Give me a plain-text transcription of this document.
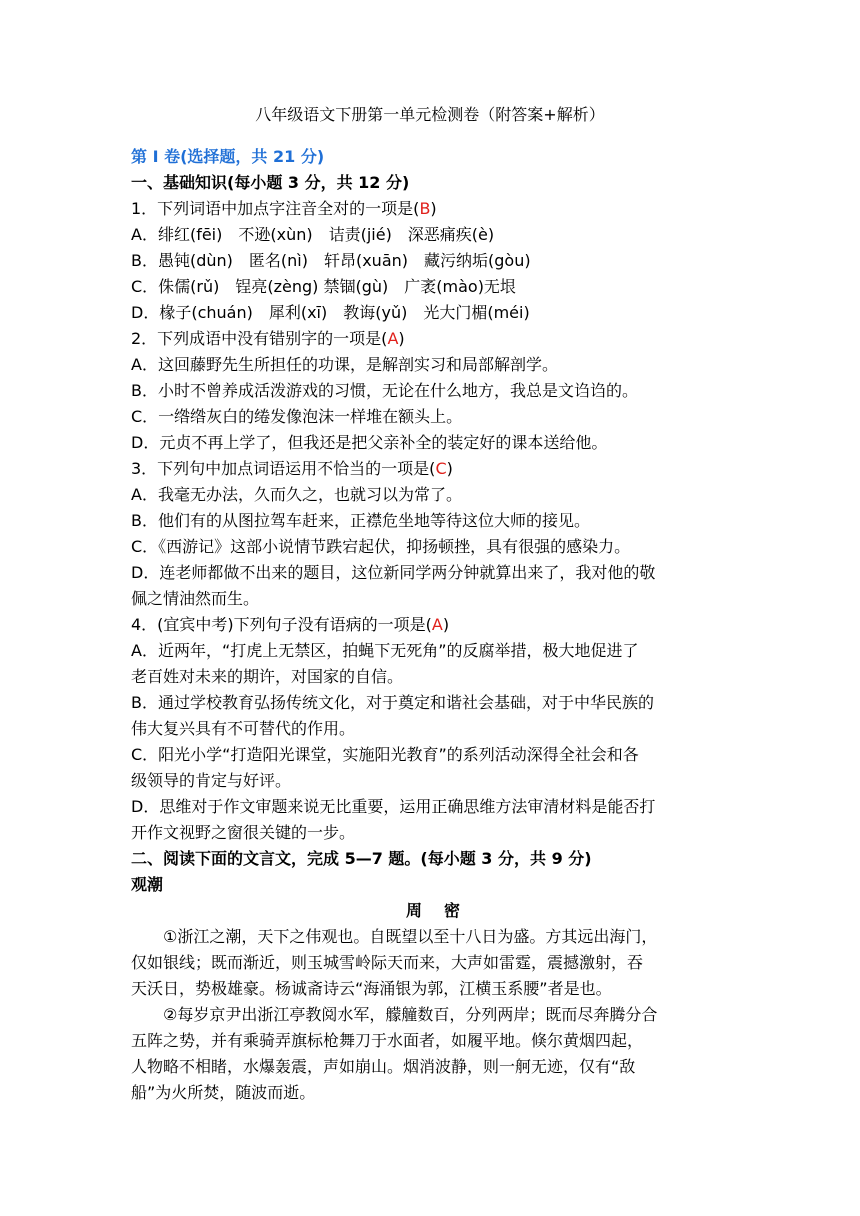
八年级语文下册第一单元检测卷（附答案+解析）
第 I 卷(选择题，共 21 分)
一、基础知识(每小题 3 分，共 12 分)
1．下列词语中加点字注音全对的一项是(B)
A．绯红(fēi)　不逊(xùn)　诘责(jié)　深恶痛疾(è)
B．愚钝(dùn)　匿名(nì)　轩昂(xuān)　藏污纳垢(gòu)
C．侏儒(rǔ)　锃亮(zèng) 禁锢(gù)　广袤(mào)无垠
D．椽子(chuán)　犀利(xī)　教诲(yǔ)　光大门楣(méi)
2．下列成语中没有错别字的一项是(A)
A．这回藤野先生所担任的功课，是解剖实习和局部解剖学。
B．小时不曾养成活泼游戏的习惯，无论在什么地方，我总是文诌诌的。
C．一绺绺灰白的绻发像泡沫一样堆在额头上。
D．元贞不再上学了，但我还是把父亲补全的装定好的课本送给他。
3．下列句中加点词语运用不恰当的一项是(C)
A．我毫无办法，久而久之，也就习以为常了。
B．他们有的从图拉驾车赶来，正襟危坐地等待这位大师的接见。
C．《西游记》这部小说情节跌宕起伏，抑扬顿挫，具有很强的感染力。
D．连老师都做不出来的题目，这位新同学两分钟就算出来了，我对他的敬
佩之情油然而生。
4．(宜宾中考)下列句子没有语病的一项是(A)
A．近两年，“打虎上无禁区，拍蝇下无死角”的反腐举措，极大地促进了
老百姓对未来的期许，对国家的自信。
B．通过学校教育弘扬传统文化，对于奠定和谐社会基础，对于中华民族的
伟大复兴具有不可替代的作用。
C．阳光小学“打造阳光课堂，实施阳光教育”的系列活动深得全社会和各
级领导的肯定与好评。
D．思维对于作文审题来说无比重要，运用正确思维方法审清材料是能否打
开作文视野之窗很关键的一步。
二、阅读下面的文言文，完成 5—7 题。(每小题 3 分，共 9 分)
观潮
周密
①浙江之潮，天下之伟观也。自既望以至十八日为盛。方其远出海门，
仅如银线；既而渐近，则玉城雪岭际天而来，大声如雷霆，震撼激射，吞
天沃日，势极雄豪。杨诚斋诗云“海涌银为郭，江横玉系腰”者是也。
②每岁京尹出浙江亭教阅水军，艨艟数百，分列两岸；既而尽奔腾分合
五阵之势，并有乘骑弄旗标枪舞刀于水面者，如履平地。倏尔黄烟四起，
人物略不相睹，水爆轰震，声如崩山。烟消波静，则一舸无迹，仅有“敌
船”为火所焚，随波而逝。
